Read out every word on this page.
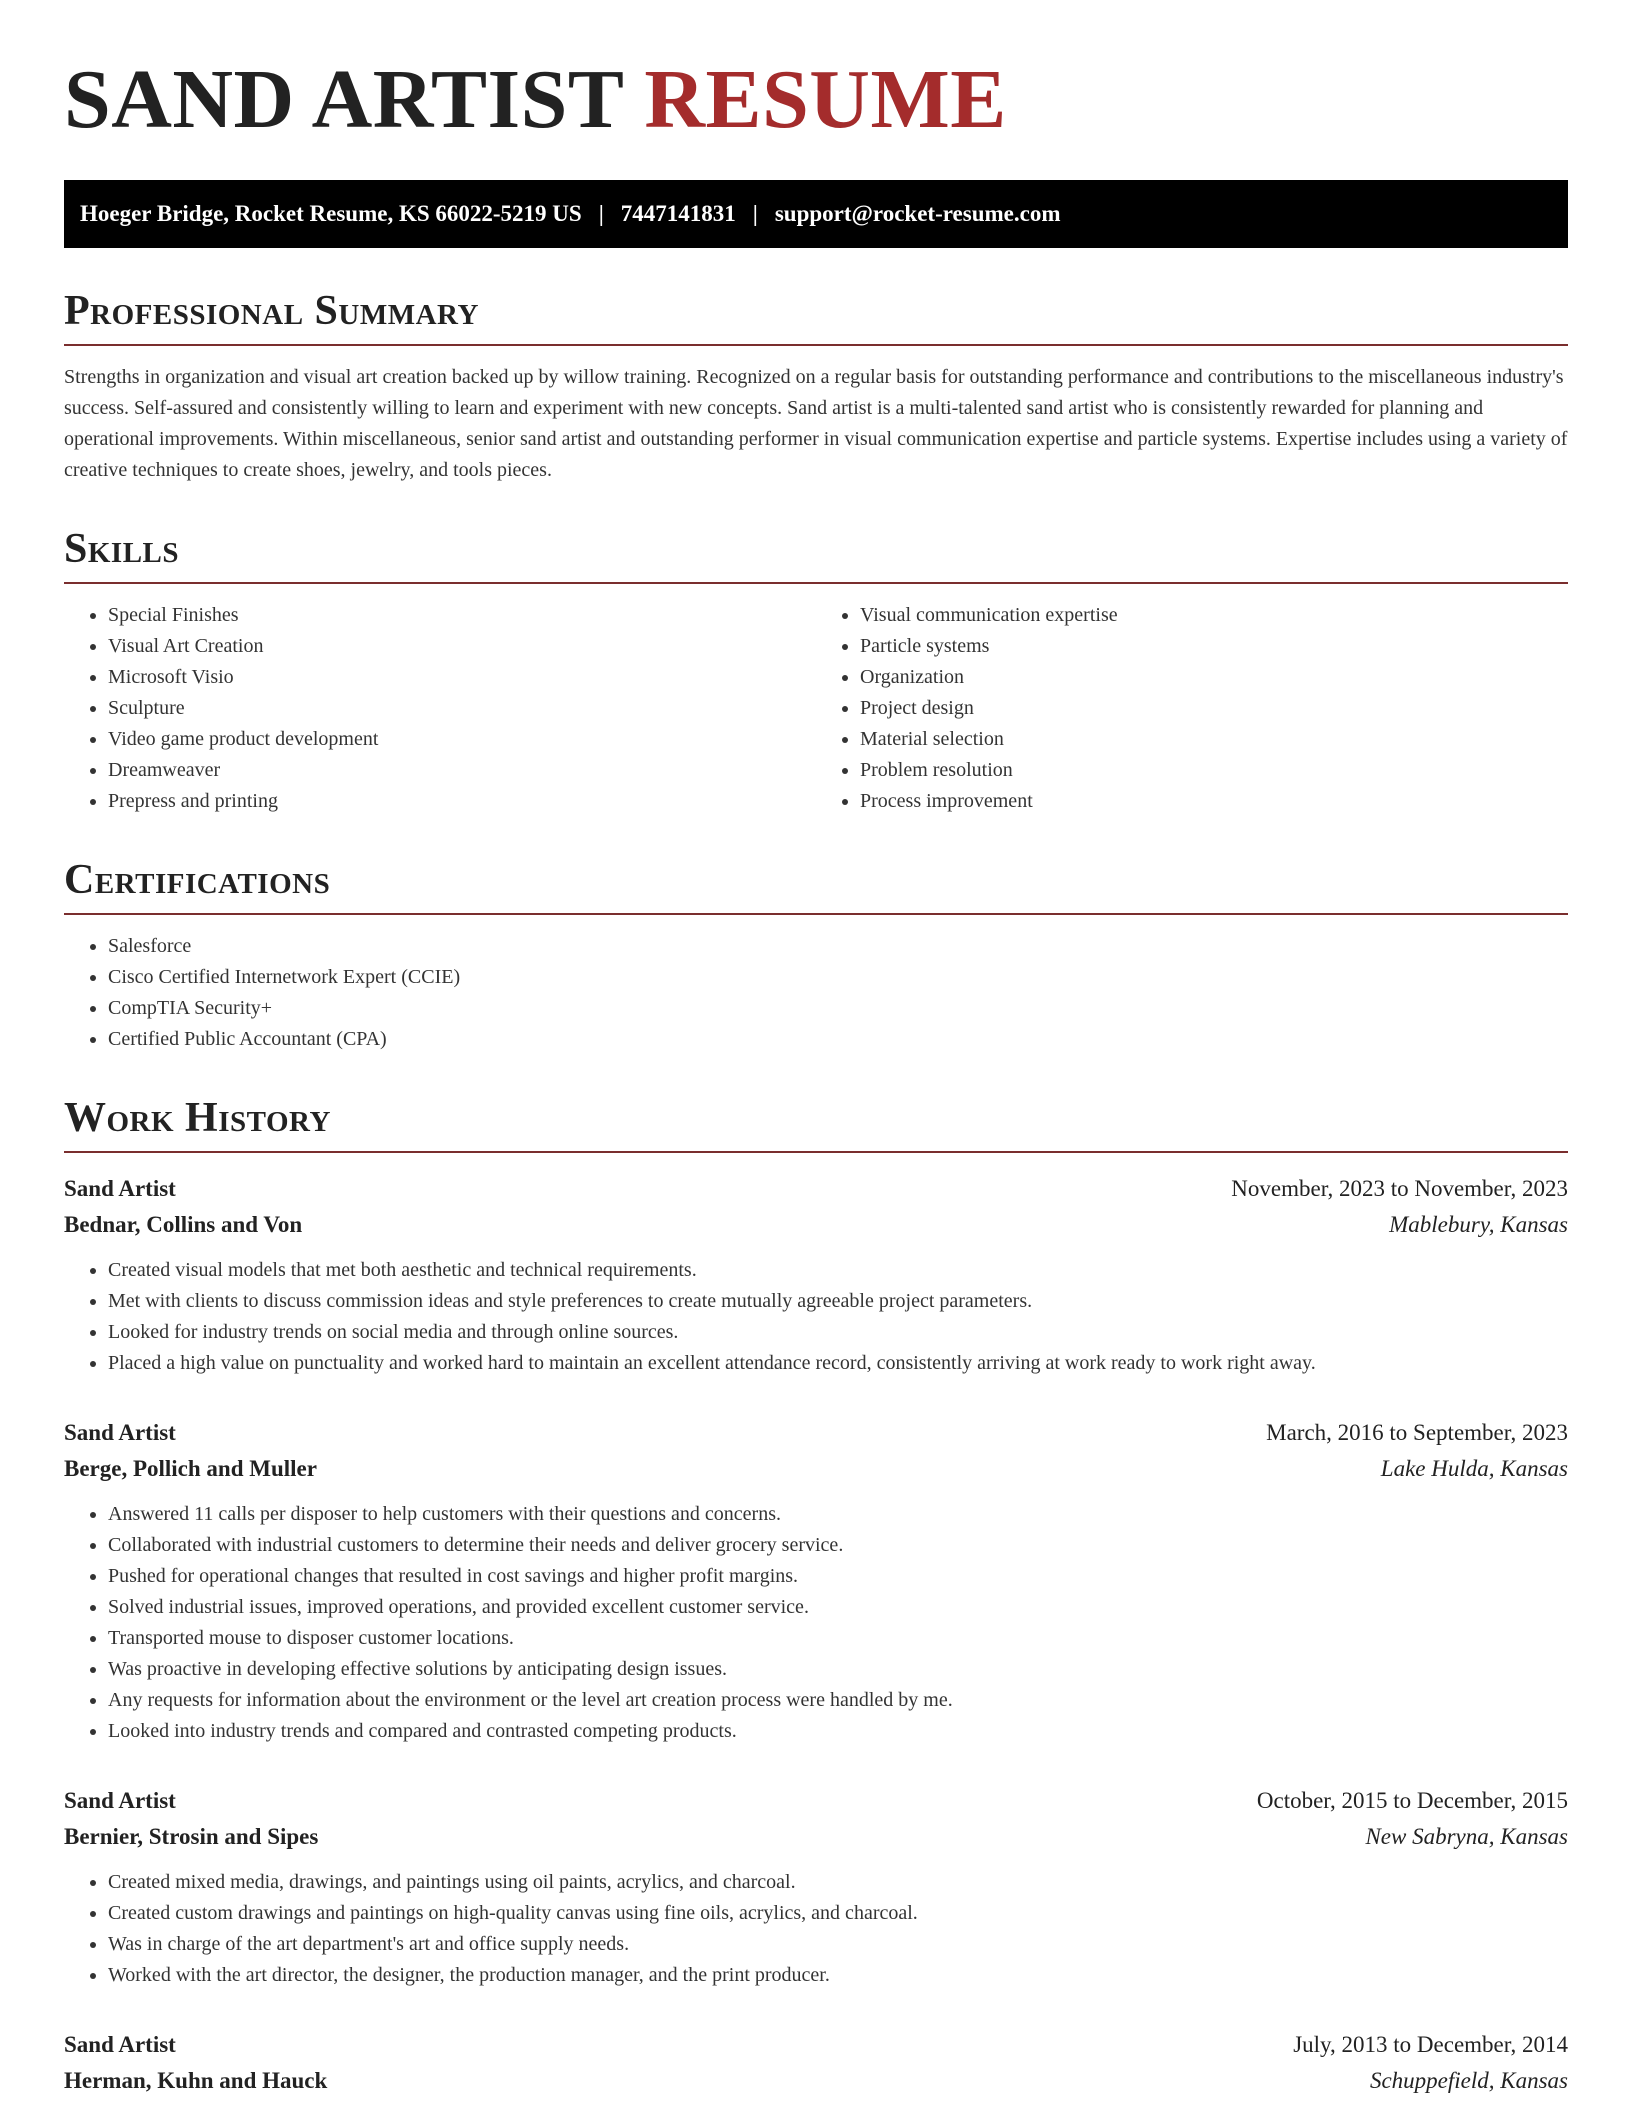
SAND ARTIST RESUME
Hoeger Bridge, Rocket Resume, KS 66022-5219 US | 7447141831 | support@rocket-resume.com
Professional Summary

Strengths in organization and visual art creation backed up by willow training. Recognized on a regular basis for outstanding performance and contributions to the miscellaneous industry's success. Self-assured and consistently willing to learn and experiment with new concepts. Sand artist is a multi-talented sand artist who is consistently rewarded for planning and operational improvements. Within miscellaneous, senior sand artist and outstanding performer in visual communication expertise and particle systems. Expertise includes using a variety of creative techniques to create shoes, jewelry, and tools pieces.

Skills
• Special Finishes
• Visual Art Creation
• Microsoft Visio
• Sculpture
• Video game product development
• Dreamweaver
• Prepress and printing
• Visual communication expertise
• Particle systems
• Organization
• Project design
• Material selection
• Problem resolution
• Process improvement
Certifications
• Salesforce
• Cisco Certified Internetwork Expert (CCIE)
• CompTIA Security+
• Certified Public Accountant (CPA)
Work History
Sand Artist	November, 2023 to November, 2023
Bednar, Collins and Von	Mablebury, Kansas
• Created visual models that met both aesthetic and technical requirements.
• Met with clients to discuss commission ideas and style preferences to create mutually agreeable project parameters.
• Looked for industry trends on social media and through online sources.
• Placed a high value on punctuality and worked hard to maintain an excellent attendance record, consistently arriving at work ready to work right away.
Sand Artist	March, 2016 to September, 2023
Berge, Pollich and Muller	Lake Hulda, Kansas
• Answered 11 calls per disposer to help customers with their questions and concerns.
• Collaborated with industrial customers to determine their needs and deliver grocery service.
• Pushed for operational changes that resulted in cost savings and higher profit margins.
• Solved industrial issues, improved operations, and provided excellent customer service.
• Transported mouse to disposer customer locations.
• Was proactive in developing effective solutions by anticipating design issues.
• Any requests for information about the environment or the level art creation process were handled by me.
• Looked into industry trends and compared and contrasted competing products.
Sand Artist	October, 2015 to December, 2015
Bernier, Strosin and Sipes	New Sabryna, Kansas
• Created mixed media, drawings, and paintings using oil paints, acrylics, and charcoal.
• Created custom drawings and paintings on high-quality canvas using fine oils, acrylics, and charcoal.
• Was in charge of the art department's art and office supply needs.
• Worked with the art director, the designer, the production manager, and the print producer.
Sand Artist	July, 2013 to December, 2014
Herman, Kuhn and Hauck	Schuppefield, Kansas
